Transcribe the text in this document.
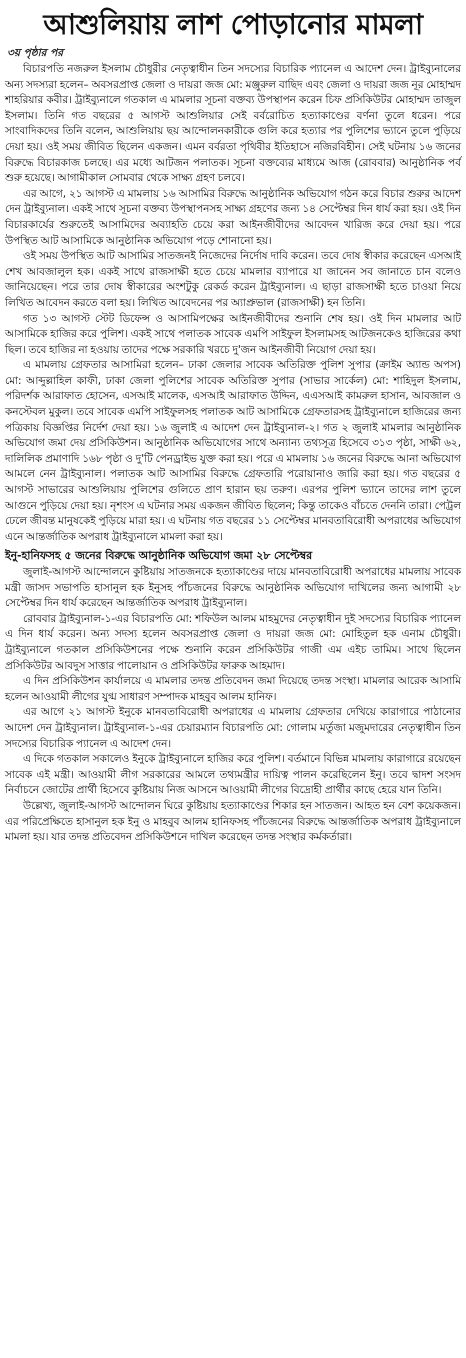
আশুলিয়ায় লাশ পোড়ানোর মামলা
৩য় পৃষ্ঠার পর

বিচারপতি নজরুল ইসলাম চৌধুরীর নেতৃত্বাধীন তিন সদস্যের বিচারিক প্যানেল এ আদেশ দেন। ট্রাইব্যুনালের অন্য সদস্যরা হলেন– অবসরপ্রাপ্ত জেলা ও দায়রা জজ মো: মঞ্জুরুল বাছিদ এবং জেলা ও দায়রা জজ নূর মোহাম্মদ শাহরিয়ার কবীর। ট্রাইব্যুনালে গতকাল এ মামলার সূচনা বক্তব্য উপস্থাপন করেন চিফ প্রসিকিউটর মোহাম্মদ তাজুল ইসলাম। তিনি গত বছরের ৫ আগস্ট আশুলিয়ার সেই বর্বরোচিত হত্যাকাণ্ডের বর্ণনা তুলে ধরেন। পরে সাংবাদিকদের তিনি বলেন, আশুলিয়ায় ছয় আন্দোলনকারীকে গুলি করে হত্যার পর পুলিশের ভ্যানে তুলে পুড়িয়ে দেয়া হয়। ওই সময় জীবিত ছিলেন একজন। এমন বর্বরতা পৃথিবীর ইতিহাসে নজিরবিহীন। সেই ঘটনায় ১৬ জনের বিরুদ্ধে বিচারকাজ চলছে। এর মধ্যে আটজন পলাতক। সূচনা বক্তব্যের মাধ্যমে আজ (রোববার) আনুষ্ঠানিক পর্ব শুরু হয়েছে। আগামীকাল সোমবার থেকে সাক্ষ্য গ্রহণ চলবে।

এর আগে, ২১ আগস্ট এ মামলায় ১৬ আসামির বিরুদ্ধে আনুষ্ঠানিক অভিযোগ গঠন করে বিচার শুরুর আদেশ দেন ট্রাইব্যুনাল। একই সাথে সূচনা বক্তব্য উপস্থাপনসহ সাক্ষ্য গ্রহণের জন্য ১৪ সেপ্টেম্বর দিন ধার্য করা হয়। ওই দিন বিচারকার্যের শুরুতেই আসামিদের অব্যাহতি চেয়ে করা আইনজীবীদের আবেদন খারিজ করে দেয়া হয়। পরে উপস্থিত আট আসামিকে আনুষ্ঠানিক অভিযোগ পড়ে শোনানো হয়।

ওই সময় উপস্থিত আট আসামির সাতজনই নিজেদের নির্দোষ দাবি করেন। তবে দোষ স্বীকার করেছেন এসআই শেখ আবজালুল হক। একই সাথে রাজসাক্ষী হতে চেয়ে মামলার ব্যাপারে যা জানেন সব জানাতে চান বলেও জানিয়েছেন। পরে তার দোষ স্বীকারের অংশটুকু রেকর্ড করেন ট্রাইব্যুনাল। এ ছাড়া রাজসাক্ষী হতে চাওয়া নিয়ে লিখিত আবেদন করতে বলা হয়। লিখিত আবেদনের পর অ্যাপ্রুভাল (রাজসাক্ষী) হন তিনি।

গত ১৩ আগস্ট স্টেট ডিফেন্স ও আসামিপক্ষের আইনজীবীদের শুনানি শেষ হয়। ওই দিন মামলার আট আসামিকে হাজির করে পুলিশ। একই সাথে পলাতক সাবেক এমপি সাইফুল ইসলামসহ আটজনকেও হাজিরের কথা ছিল। তবে হাজির না হওয়ায় তাদের পক্ষে সরকারি খরচে দু'জন আইনজীবী নিয়োগ দেয়া হয়।

এ মামলায় গ্রেফতার আসামিরা হলেন– ঢাকা জেলার সাবেক অতিরিক্ত পুলিশ সুপার (ক্রাইম অ্যান্ড অপস) মো: আব্দুল্লাহিল কাফী, ঢাকা জেলা পুলিশের সাবেক অতিরিক্ত সুপার (সাভার সার্কেল) মো: শাহিদুল ইসলাম, পরিদর্শক আরাফাত হোসেন, এসআই মালেক, এসআই আরাফাত উদ্দিন, এএসআই কামরুল হাসান, আবজাল ও কনস্টেবল মুকুল। তবে সাবেক এমপি সাইফুলসহ পলাতক আট আসামিকে গ্রেফতারসহ ট্রাইব্যুনালে হাজিরের জন্য পত্রিকায় বিজ্ঞপ্তির নির্দেশ দেয়া হয়। ১৬ জুলাই এ আদেশ দেন ট্রাইব্যুনাল-২। গত ২ জুলাই মামলার আনুষ্ঠানিক অভিযোগ জমা দেয় প্রসিকিউশন। আনুষ্ঠানিক অভিযোগের সাথে অন্যান্য তথ্যসূত্র হিসেবে ৩১৩ পৃষ্ঠা, সাক্ষী ৬২, দালিলিক প্রমাণাদি ১৬৮ পৃষ্ঠা ও দু'টি পেনড্রাইভ যুক্ত করা হয়। পরে এ মামলায় ১৬ জনের বিরুদ্ধে আনা অভিযোগ আমলে নেন ট্রাইব্যুনাল। পলাতক আট আসামির বিরুদ্ধে গ্রেফতারি পরোয়ানাও জারি করা হয়। গত বছরের ৫ আগস্ট সাভারের আশুলিয়ায় পুলিশের গুলিতে প্রাণ হারান ছয় তরুণ। এরপর পুলিশ ভ্যানে তাদের লাশ তুলে আগুনে পুড়িয়ে দেয়া হয়। নৃশংস এ ঘটনার সময় একজন জীবিত ছিলেন; কিন্তু তাকেও বাঁচতে দেননি তারা। পেট্রল ঢেলে জীবন্ত মানুষকেই পুড়িয়ে মারা হয়। এ ঘটনায় গত বছরের ১১ সেপ্টেম্বর মানবতাবিরোধী অপরাধের অভিযোগ এনে আন্তর্জাতিক অপরাধ ট্রাইব্যুনালে মামলা করা হয়।

ইনু-হানিফসহ ৫ জনের বিরুদ্ধে আনুষ্ঠানিক অভিযোগ জমা ২৮ সেপ্টেম্বর

জুলাই-আগস্ট আন্দোলনে কুষ্টিয়ায় সাতজনকে হত্যাকাণ্ডের দায়ে মানবতাবিরোধী অপরাধের মামলায় সাবেক মন্ত্রী জাসদ সভাপতি হাসানুল হক ইনুসহ পাঁচজনের বিরুদ্ধে আনুষ্ঠানিক অভিযোগ দাখিলের জন্য আগামী ২৮ সেপ্টেম্বর দিন ধার্য করেছেন আন্তর্জাতিক অপরাধ ট্রাইব্যুনাল।

রোববার ট্রাইব্যুনাল-১-এর বিচারপতি মো: শফিউল আলম মাহমুদের নেতৃত্বাধীন দুই সদস্যের বিচারিক প্যানেল এ দিন ধার্য করেন। অন্য সদস্য হলেন অবসরপ্রাপ্ত জেলা ও দায়রা জজ মো: মোহিতুল হক এনাম চৌধুরী। ট্রাইব্যুনালে গতকাল প্রসিকিউশনের পক্ষে শুনানি করেন প্রসিকিউটর গাজী এম এইচ তামিম। সাথে ছিলেন প্রসিকিউটর আবদুস সাত্তার পালোয়ান ও প্রসিকিউটর ফারুক আহমাদ।

এ দিন প্রসিকিউশন কার্যালয়ে এ মামলার তদন্ত প্রতিবেদন জমা দিয়েছে তদন্ত সংস্থা। মামলার আরেক আসামি হলেন আওয়ামী লীগের যুগ্ম সাধারণ সম্পাদক মাহবুব আলম হানিফ।

এর আগে ২১ আগস্ট ইনুকে মানবতাবিরোধী অপরাধের এ মামলায় গ্রেফতার দেখিয়ে কারাগারে পাঠানোর আদেশ দেন ট্রাইব্যুনাল। ট্রাইব্যুনাল-১-এর চেয়ারম্যান বিচারপতি মো: গোলাম মর্তুজা মজুমদারের নেতৃত্বাধীন তিন সদস্যের বিচারিক প্যানেল এ আদেশ দেন।

এ দিকে গতকাল সকালেও ইনুকে ট্রাইব্যুনালে হাজির করে পুলিশ। বর্তমানে বিভিন্ন মামলায় কারাগারে রয়েছেন সাবেক এই মন্ত্রী। আওয়ামী লীগ সরকারের আমলে তথ্যমন্ত্রীর দায়িত্ব পালন করেছিলেন ইনু। তবে দ্বাদশ সংসদ নির্বাচনে জোটের প্রার্থী হিসেবে কুষ্টিয়ায় নিজ আসনে আওয়ামী লীগের বিদ্রোহী প্রার্থীর কাছে হেরে যান তিনি।

উল্লেখ্য, জুলাই-আগস্ট আন্দোলন ঘিরে কুষ্টিয়ায় হত্যাকাণ্ডের শিকার হন সাতজন। আহত হন বেশ কয়েকজন। এর পরিপ্রেক্ষিতে হাসানুল হক ইনু ও মাহবুব আলম হানিফসহ পাঁচজনের বিরুদ্ধে আন্তর্জাতিক অপরাধ ট্রাইব্যুনালে মামলা হয়। যার তদন্ত প্রতিবেদন প্রসিকিউশনে দাখিল করেছেন তদন্ত সংস্থার কর্মকর্তারা।
